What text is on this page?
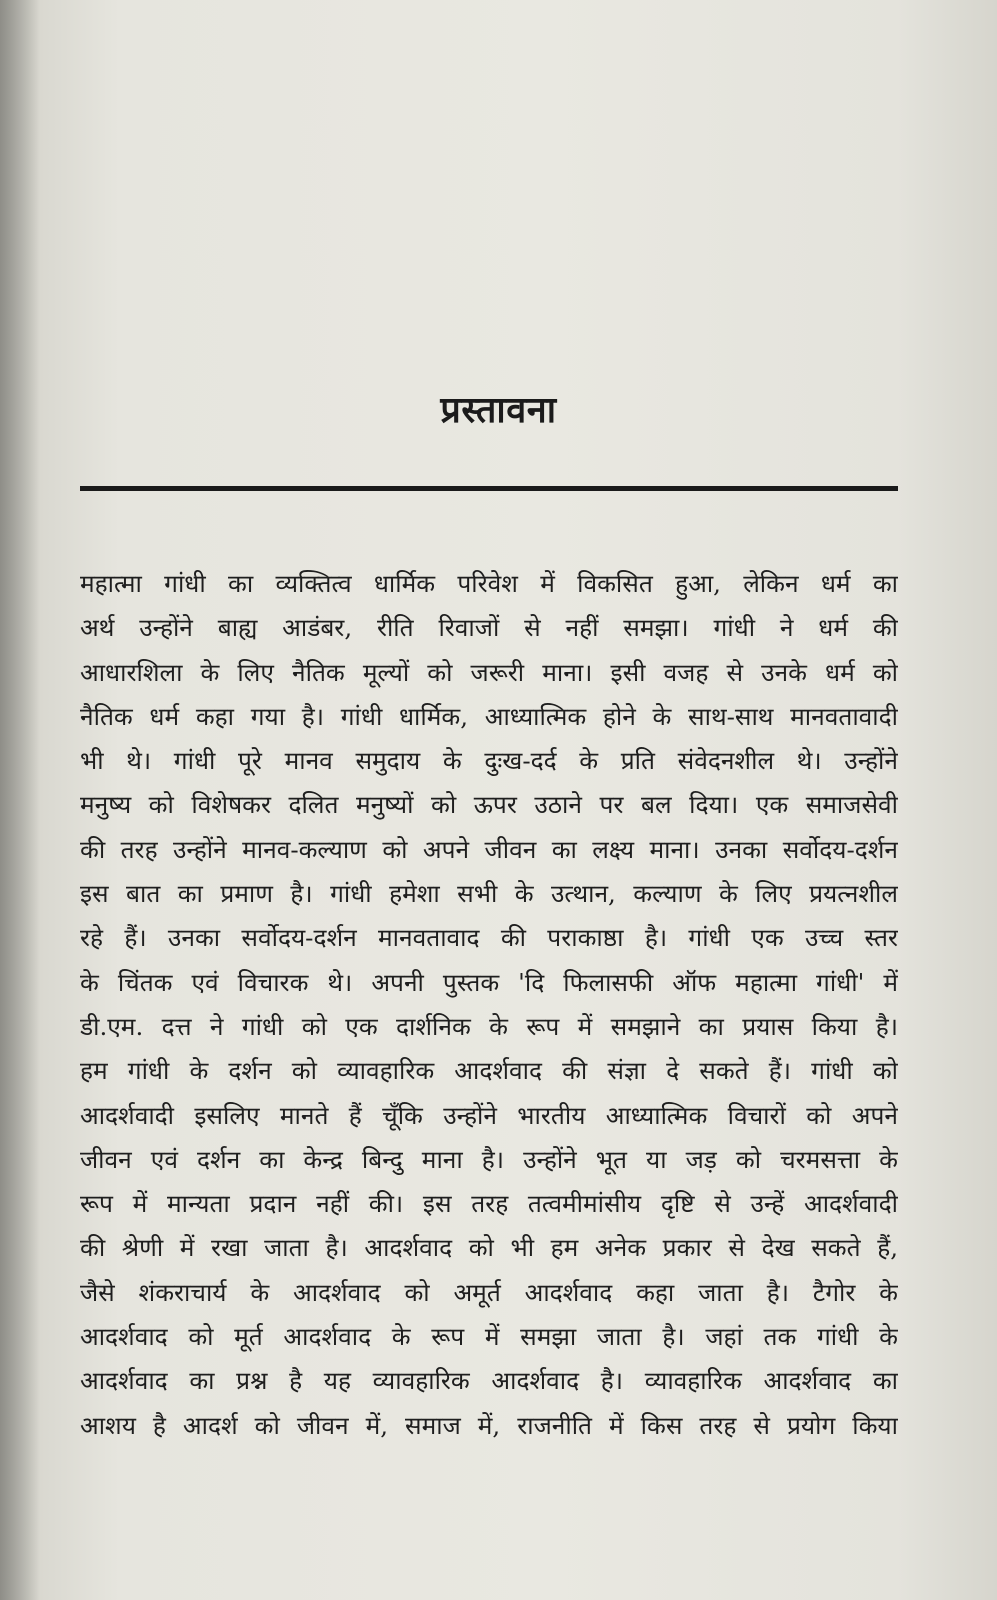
प्रस्तावना
महात्मा गांधी का व्यक्तित्व धार्मिक परिवेश में विकसित हुआ, लेकिन धर्म का
अर्थ उन्होंने बाह्य आडंबर, रीति रिवाजों से नहीं समझा। गांधी ने धर्म की
आधारशिला के लिए नैतिक मूल्यों को जरूरी माना। इसी वजह से उनके धर्म को
नैतिक धर्म कहा गया है। गांधी धार्मिक, आध्यात्मिक होने के साथ-साथ मानवतावादी
भी थे। गांधी पूरे मानव समुदाय के दुःख-दर्द के प्रति संवेदनशील थे। उन्होंने
मनुष्य को विशेषकर दलित मनुष्यों को ऊपर उठाने पर बल दिया। एक समाजसेवी
की तरह उन्होंने मानव-कल्याण को अपने जीवन का लक्ष्य माना। उनका सर्वोदय-दर्शन
इस बात का प्रमाण है। गांधी हमेशा सभी के उत्थान, कल्याण के लिए प्रयत्नशील
रहे हैं। उनका सर्वोदय-दर्शन मानवतावाद की पराकाष्ठा है। गांधी एक उच्च स्तर
के चिंतक एवं विचारक थे। अपनी पुस्तक 'दि फिलासफी ऑफ महात्मा गांधी' में
डी.एम. दत्त ने गांधी को एक दार्शनिक के रूप में समझाने का प्रयास किया है।
हम गांधी के दर्शन को व्यावहारिक आदर्शवाद की संज्ञा दे सकते हैं। गांधी को
आदर्शवादी इसलिए मानते हैं चूँकि उन्होंने भारतीय आध्यात्मिक विचारों को अपने
जीवन एवं दर्शन का केन्द्र बिन्दु माना है। उन्होंने भूत या जड़ को चरमसत्ता के
रूप में मान्यता प्रदान नहीं की। इस तरह तत्वमीमांसीय दृष्टि से उन्हें आदर्शवादी
की श्रेणी में रखा जाता है। आदर्शवाद को भी हम अनेक प्रकार से देख सकते हैं,
जैसे शंकराचार्य के आदर्शवाद को अमूर्त आदर्शवाद कहा जाता है। टैगोर के
आदर्शवाद को मूर्त आदर्शवाद के रूप में समझा जाता है। जहां तक गांधी के
आदर्शवाद का प्रश्न है यह व्यावहारिक आदर्शवाद है। व्यावहारिक आदर्शवाद का
आशय है आदर्श को जीवन में, समाज में, राजनीति में किस तरह से प्रयोग किया
